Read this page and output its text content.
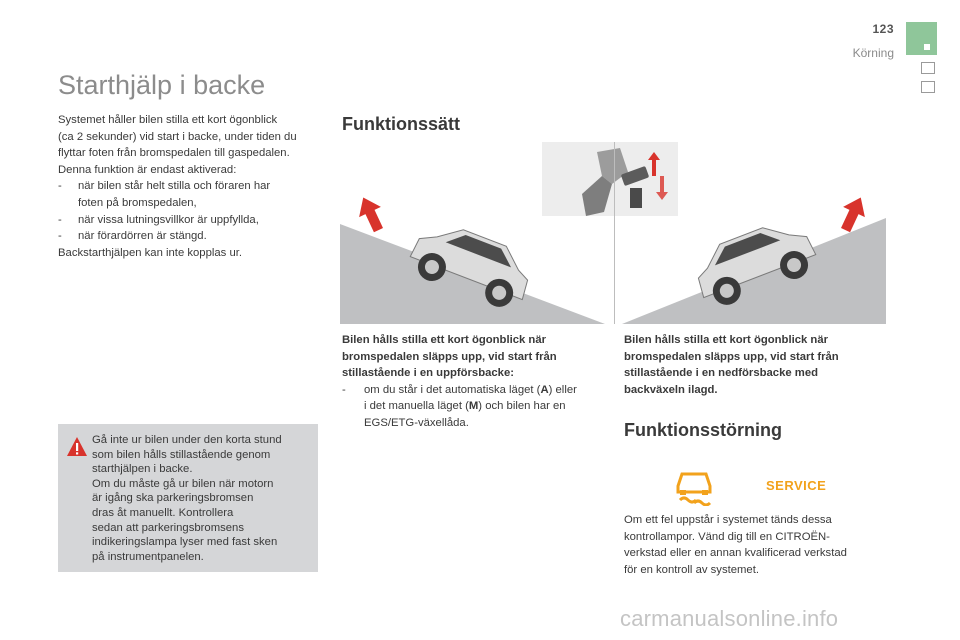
123
Körning
Starthjälp i backe
Systemet håller bilen stilla ett kort ögonblick
(ca 2 sekunder) vid start i backe, under tiden du
flyttar foten från bromspedalen till gaspedalen.
Denna funktion är endast aktiverad:
-	när bilen står helt stilla och föraren har
foten på bromspedalen,
-	när vissa lutningsvillkor är uppfyllda,
-	när förardörren är stängd.
Backstarthjälpen kan inte kopplas ur.
Gå inte ur bilen under den korta stund
som bilen hålls stillastående genom
starthjälpen i backe.
Om du måste gå ur bilen när motorn
är igång ska parkeringsbromsen
dras åt manuellt. Kontrollera
sedan att parkeringsbromsens
indikeringslampa lyser med fast sken
på instrumentpanelen.
Funktionssätt
Bilen hålls stilla ett kort ögonblick när
bromspedalen släpps upp, vid start från
stillastående i en uppförsbacke:
-	om du står i det automatiska läget (A) eller
i det manuella läget (M) och bilen har en
EGS/ETG-växellåda.
Bilen hålls stilla ett kort ögonblick när
bromspedalen släpps upp, vid start från
stillastående i en nedförsbacke med
backväxeln ilagd.
Funktionsstörning
SERVICE
Om ett fel uppstår i systemet tänds dessa
kontrollampor. Vänd dig till en CITROËN-
verkstad eller en annan kvalificerad verkstad
för en kontroll av systemet.
carmanualsonline.info
